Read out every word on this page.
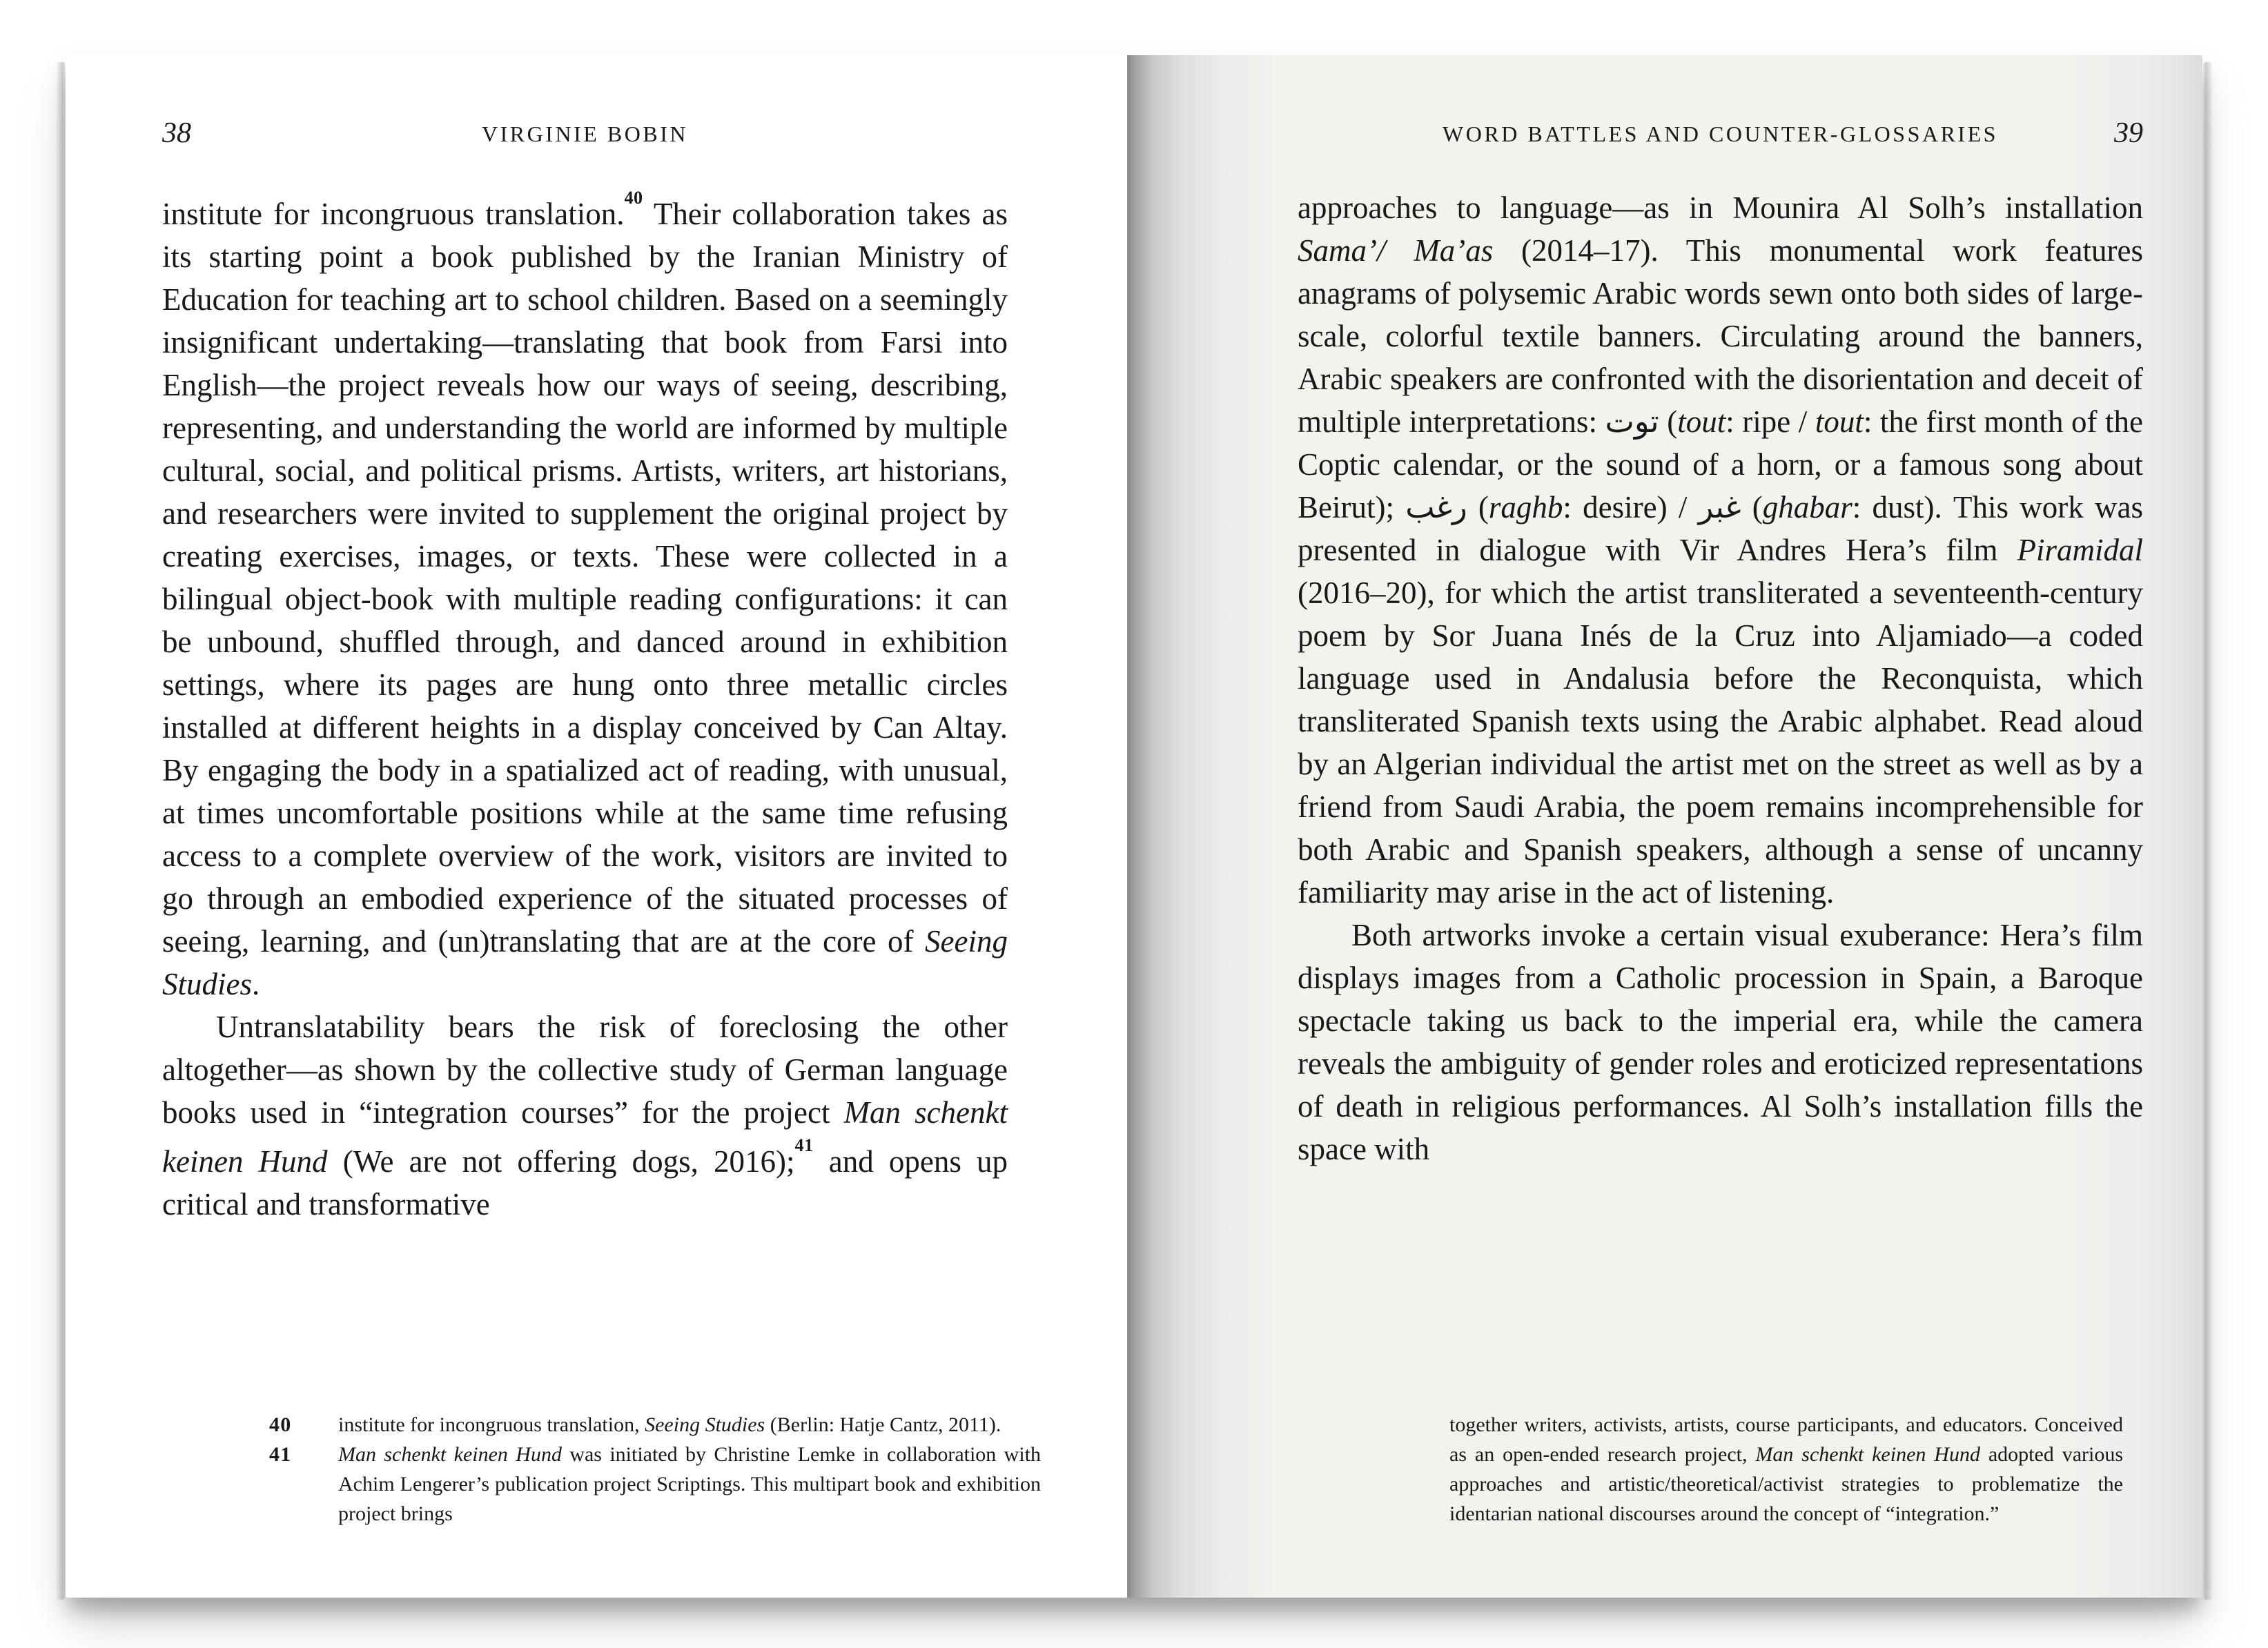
38	VIRGINIE BOBIN

institute for incongruous translation.$^{40}$ Their collaboration takes as its starting point a book published by the Iranian Ministry of Education for teaching art to school children. Based on a seemingly insignificant undertaking—translating that book from Farsi into English—the project reveals how our ways of seeing, describing, representing, and understanding the world are informed by multiple cultural, social, and political prisms. Artists, writers, art historians, and researchers were invited to supplement the original project by creating exercises, images, or texts. These were collected in a bilingual object-book with multiple reading configurations: it can be unbound, shuffled through, and danced around in exhibition settings, where its pages are hung onto three metallic circles installed at different heights in a display conceived by Can Altay. By engaging the body in a spatialized act of reading, with unusual, at times uncomfortable positions while at the same time refusing access to a complete overview of the work, visitors are invited to go through an embodied experience of the situated processes of seeing, learning, and (un)translating that are at the core of Seeing Studies.

Untranslatability bears the risk of foreclosing the other altogether—as shown by the collective study of German language books used in “integration courses” for the project Man schenkt keinen Hund (We are not offering dogs, 2016);$^{41}$ and opens up critical and transformative

40	institute for incongruous translation, Seeing Studies (Berlin: Hatje Cantz, 2011).
41	Man schenkt keinen Hund was initiated by Christine Lemke in collaboration with Achim Lengerer’s publication project Scriptings. This multipart book and exhibition project brings
WORD BATTLES AND COUNTER-GLOSSARIES	39

approaches to language—as in Mounira Al Solh’s installation Sama’/ Ma’as (2014–17). This monumental work features anagrams of polysemic Arabic words sewn onto both sides of large-scale, colorful textile banners. Circulating around the banners, Arabic speakers are confronted with the disorientation and deceit of multiple interpretations: توت (tout: ripe / tout: the first month of the Coptic calendar, or the sound of a horn, or a famous song about Beirut); رغب (raghb: desire) / غبر (ghabar: dust). This work was presented in dialogue with Vir Andres Hera’s film Piramidal (2016–20), for which the artist transliterated a seventeenth-century poem by Sor Juana Inés de la Cruz into Aljamiado—a coded language used in Andalusia before the Reconquista, which transliterated Spanish texts using the Arabic alphabet. Read aloud by an Algerian individual the artist met on the street as well as by a friend from Saudi Arabia, the poem remains incomprehensible for both Arabic and Spanish speakers, although a sense of uncanny familiarity may arise in the act of listening.

Both artworks invoke a certain visual exuberance: Hera’s film displays images from a Catholic procession in Spain, a Baroque spectacle taking us back to the imperial era, while the camera reveals the ambiguity of gender roles and eroticized representations of death in religious performances. Al Solh’s installation fills the space with

together writers, activists, artists, course participants, and educators. Conceived as an open-ended research project, Man schenkt keinen Hund adopted various approaches and artistic/theoretical/activist strategies to problematize the identarian national discourses around the concept of “integration.”
